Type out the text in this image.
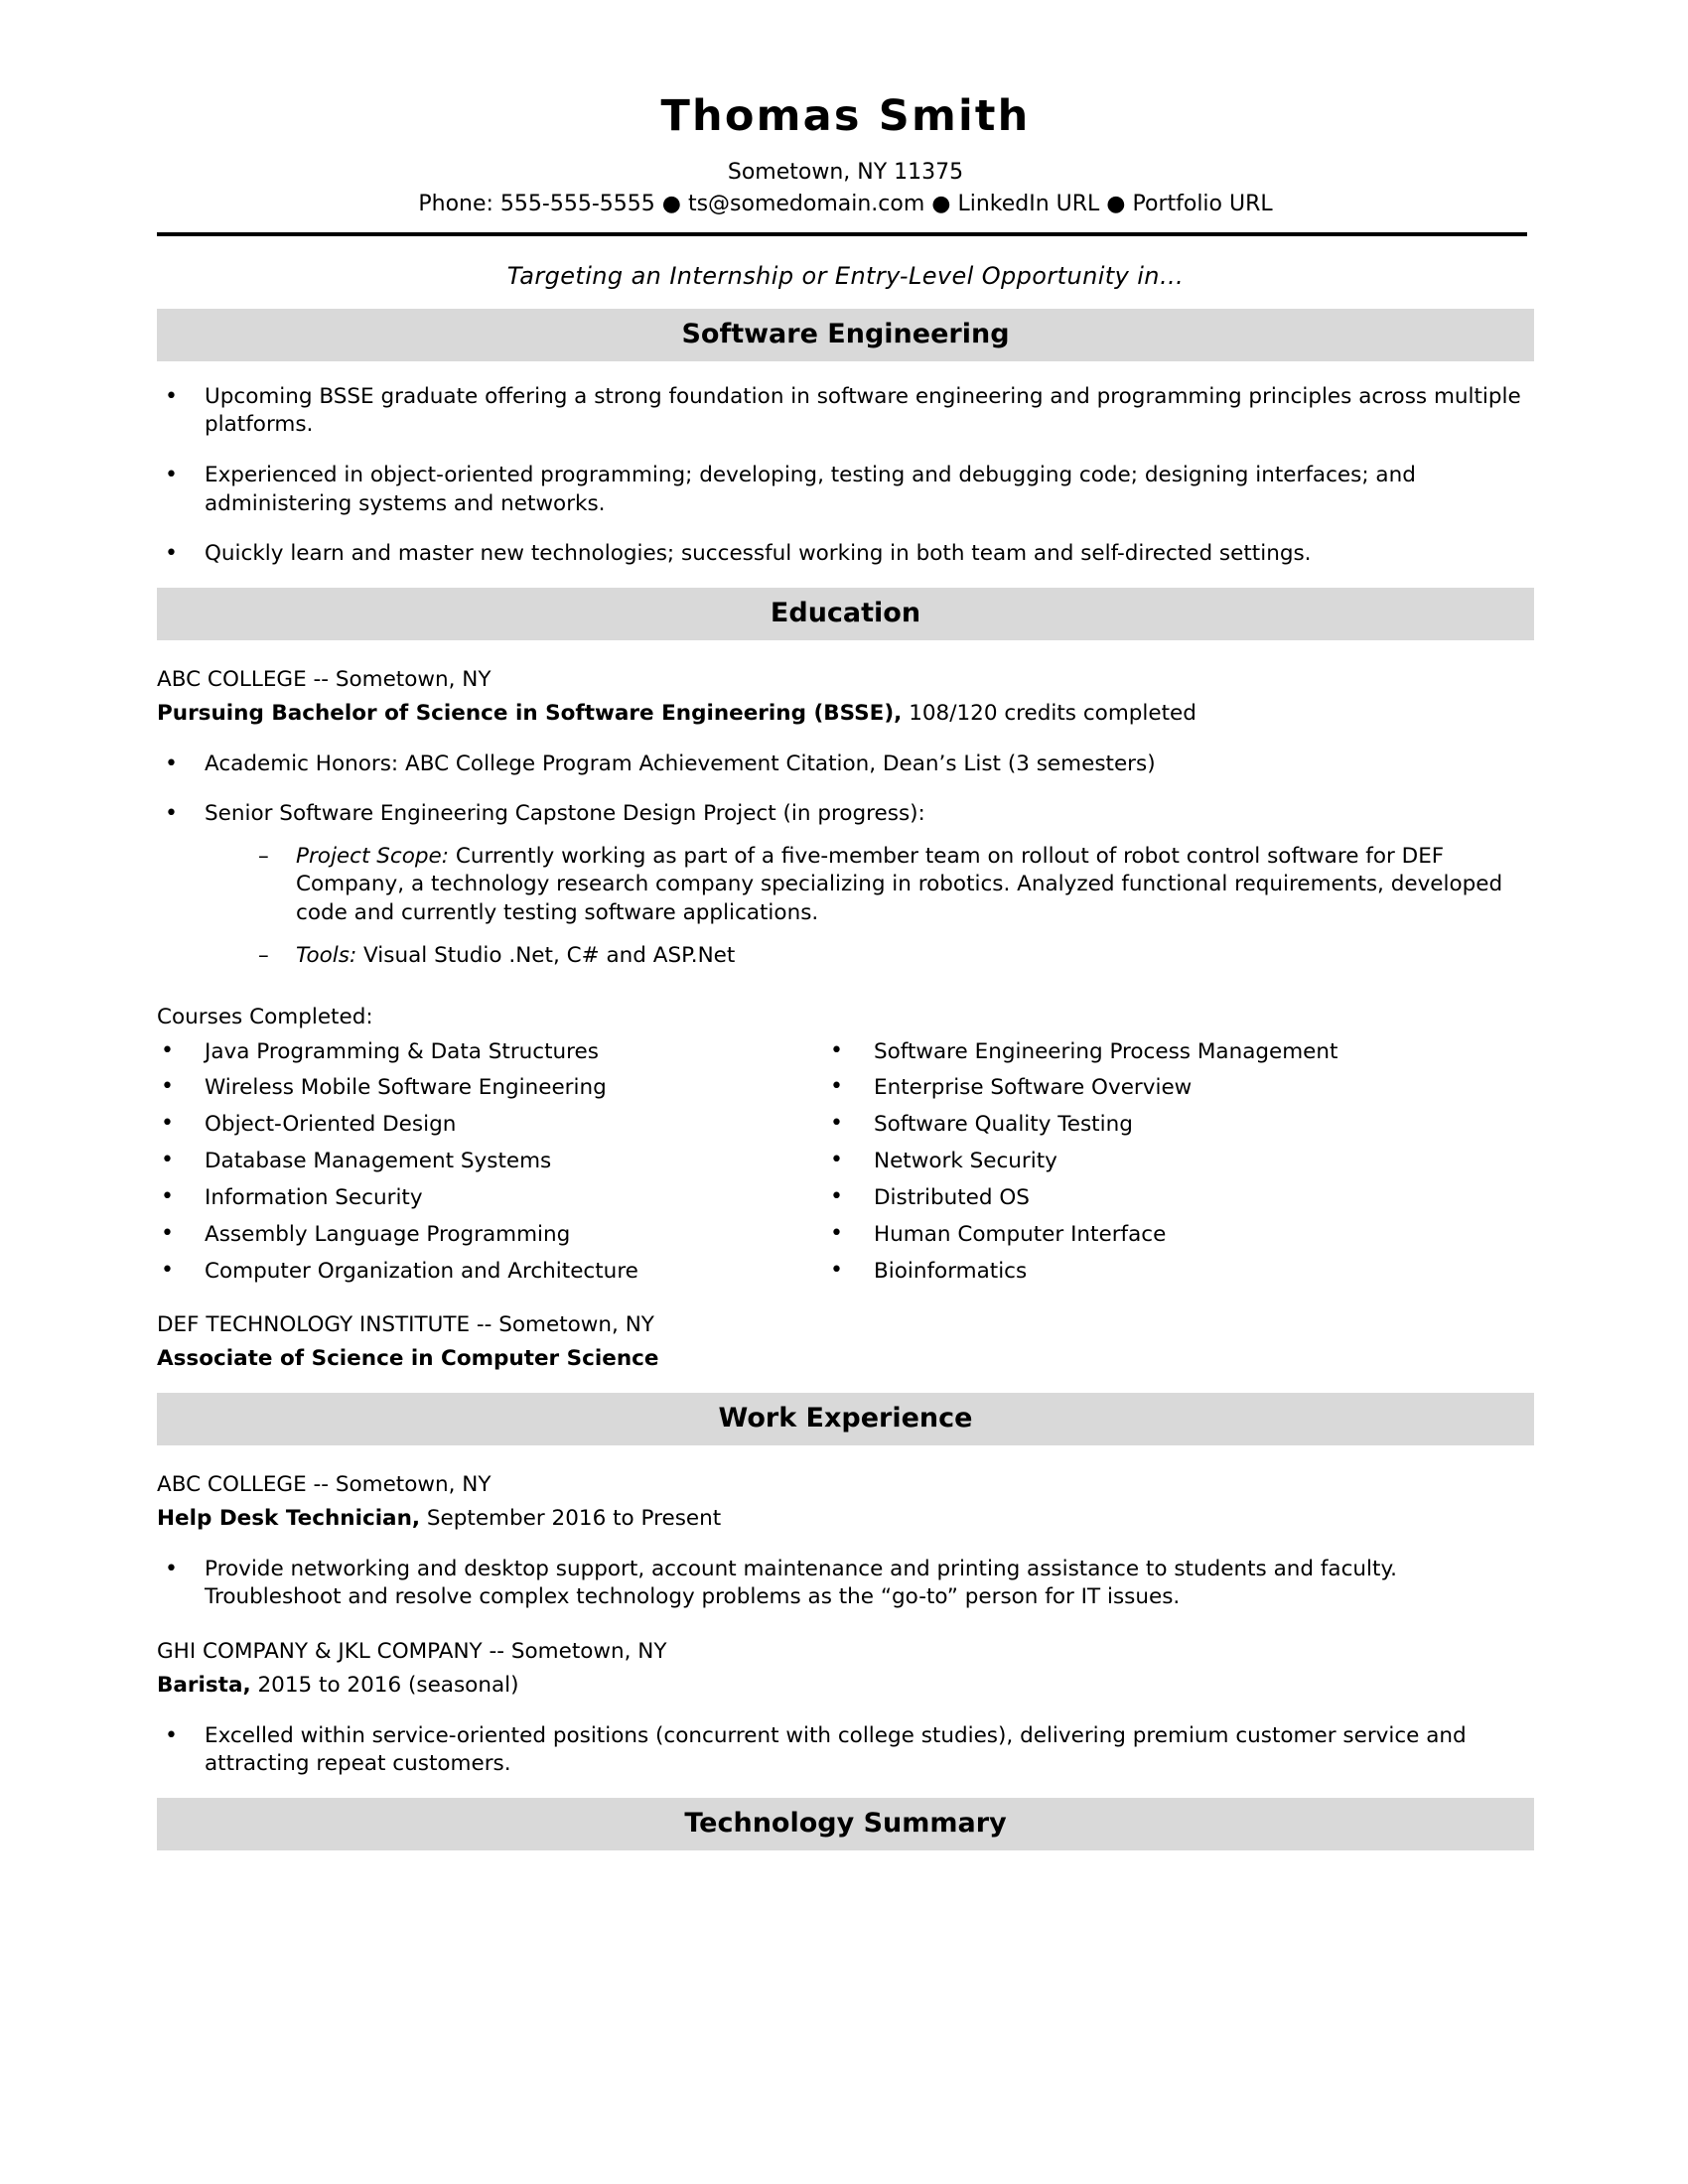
Thomas Smith
Sometown, NY 11375
Phone: 555-555-5555 ● ts@somedomain.com ● LinkedIn URL ● Portfolio URL
Targeting an Internship or Entry-Level Opportunity in…
Software Engineering
• Upcoming BSSE graduate offering a strong foundation in software engineering and programming principles across multiple platforms.
• Experienced in object-oriented programming; developing, testing and debugging code; designing interfaces; and administering systems and networks.
• Quickly learn and master new technologies; successful working in both team and self-directed settings.
Education
ABC COLLEGE -- Sometown, NY
Pursuing Bachelor of Science in Software Engineering (BSSE), 108/120 credits completed
• Academic Honors: ABC College Program Achievement Citation, Dean’s List (3 semesters)
• Senior Software Engineering Capstone Design Project (in progress):
– Project Scope: Currently working as part of a five-member team on rollout of robot control software for DEF Company, a technology research company specializing in robotics. Analyzed functional requirements, developed code and currently testing software applications.
– Tools: Visual Studio .Net, C# and ASP.Net
Courses Completed:
• Java Programming & Data Structures
• Wireless Mobile Software Engineering
• Object-Oriented Design
• Database Management Systems
• Information Security
• Assembly Language Programming
• Computer Organization and Architecture
• Software Engineering Process Management
• Enterprise Software Overview
• Software Quality Testing
• Network Security
• Distributed OS
• Human Computer Interface
• Bioinformatics
DEF TECHNOLOGY INSTITUTE -- Sometown, NY
Associate of Science in Computer Science
Work Experience
ABC COLLEGE -- Sometown, NY
Help Desk Technician, September 2016 to Present
• Provide networking and desktop support, account maintenance and printing assistance to students and faculty. Troubleshoot and resolve complex technology problems as the “go-to” person for IT issues.
GHI COMPANY & JKL COMPANY -- Sometown, NY
Barista, 2015 to 2016 (seasonal)
• Excelled within service-oriented positions (concurrent with college studies), delivering premium customer service and attracting repeat customers.
Technology Summary
